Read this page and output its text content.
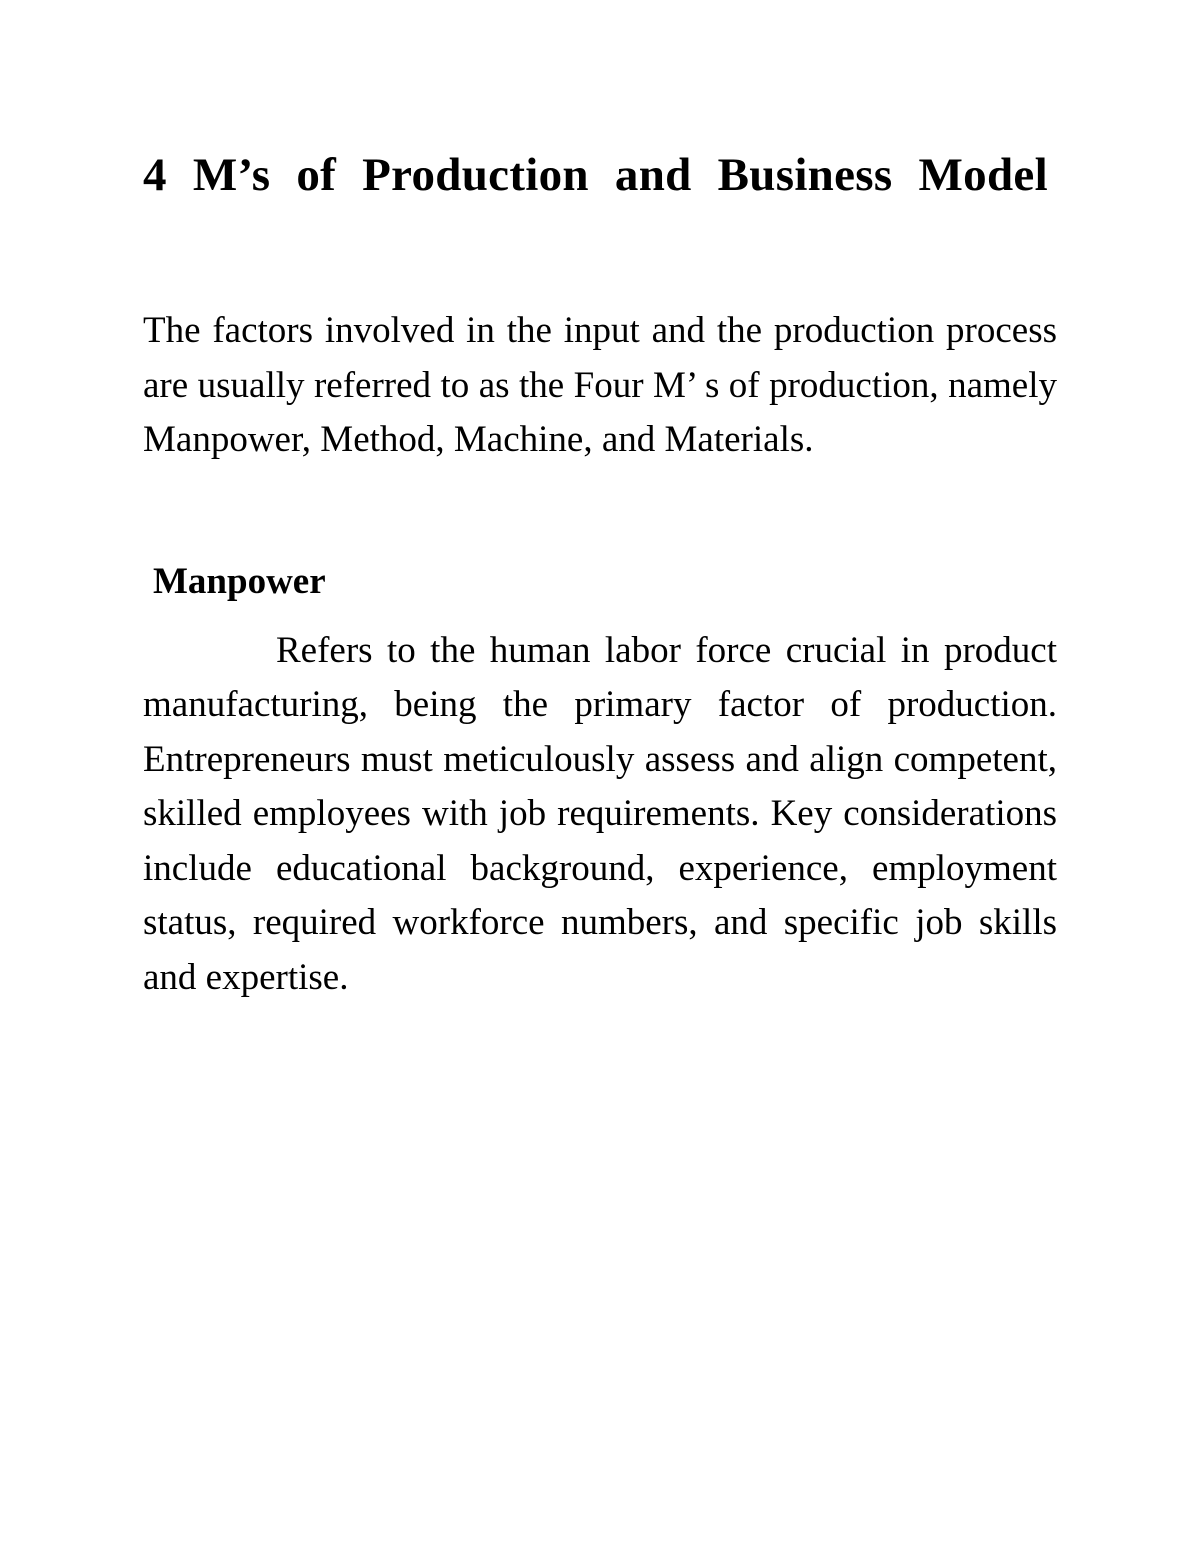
4 M’s of Production and Business Model

The factors involved in the input and the production process are usually referred to as the Four M’ s of production, namely Manpower, Method, Machine, and Materials.

Manpower

Refers to the human labor force crucial in product manufacturing, being the primary factor of production. Entrepreneurs must meticulously assess and align competent, skilled employees with job requirements. Key considerations include educational background, experience, employment status, required workforce numbers, and specific job skills and expertise.
